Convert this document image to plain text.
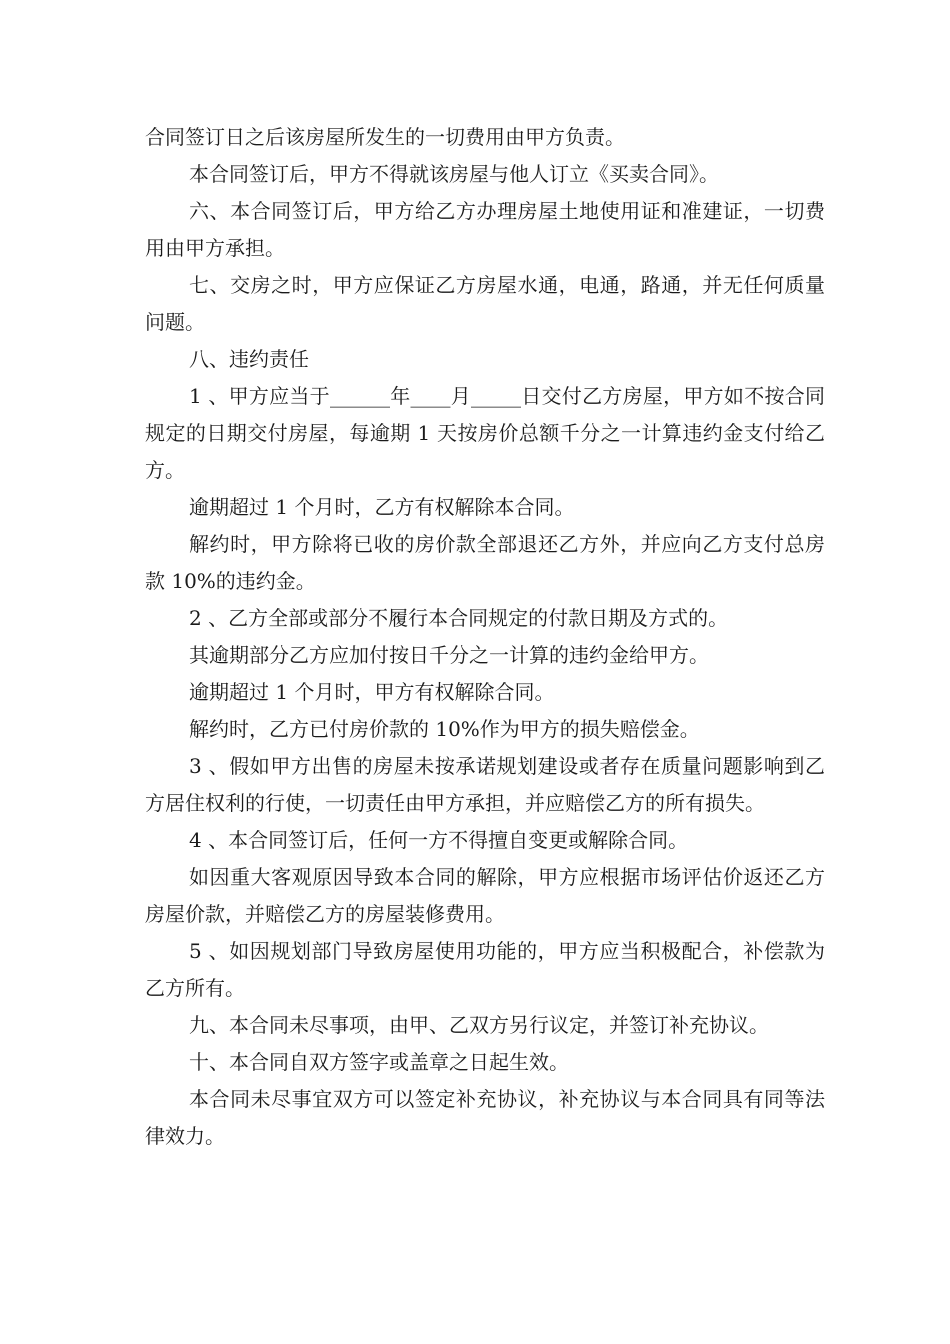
合同签订日之后该房屋所发生的一切费用由甲方负责。

本合同签订后，甲方不得就该房屋与他人订立《买卖合同》。

六、本合同签订后，甲方给乙方办理房屋土地使用证和准建证，一切费用由甲方承担。

七、交房之时，甲方应保证乙方房屋水通，电通，路通，并无任何质量问题。

八、违约责任

1 、甲方应当于______年____月_____日交付乙方房屋，甲方如不按合同规定的日期交付房屋，每逾期 1 天按房价总额千分之一计算违约金支付给乙方。

逾期超过 1 个月时，乙方有权解除本合同。

解约时，甲方除将已收的房价款全部退还乙方外，并应向乙方支付总房款 10%的违约金。

2 、乙方全部或部分不履行本合同规定的付款日期及方式的。

其逾期部分乙方应加付按日千分之一计算的违约金给甲方。

逾期超过 1 个月时，甲方有权解除合同。

解约时，乙方已付房价款的 10%作为甲方的损失赔偿金。

3 、假如甲方出售的房屋未按承诺规划建设或者存在质量问题影响到乙方居住权利的行使，一切责任由甲方承担，并应赔偿乙方的所有损失。

4 、本合同签订后，任何一方不得擅自变更或解除合同。

如因重大客观原因导致本合同的解除，甲方应根据市场评估价返还乙方房屋价款，并赔偿乙方的房屋装修费用。

5 、如因规划部门导致房屋使用功能的，甲方应当积极配合，补偿款为乙方所有。

九、本合同未尽事项，由甲、乙双方另行议定，并签订补充协议。

十、本合同自双方签字或盖章之日起生效。

本合同未尽事宜双方可以签定补充协议，补充协议与本合同具有同等法律效力。
